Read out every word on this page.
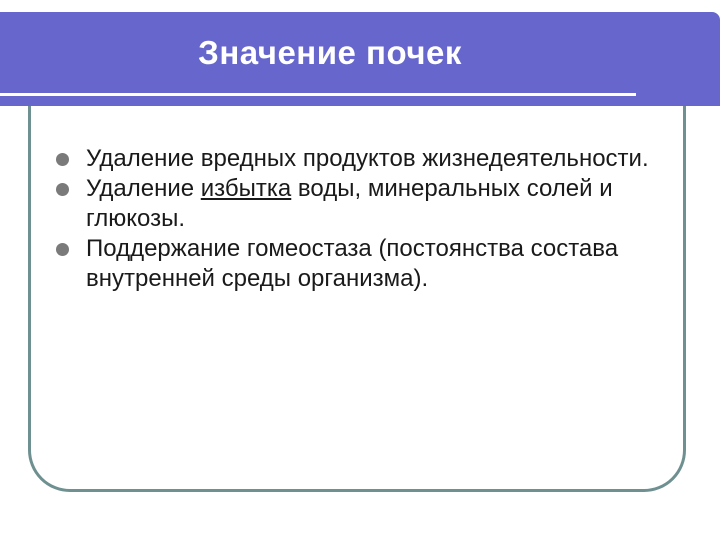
Значение почек

Удаление вредных продуктов жизнедеятельности.

Удаление избытка воды, минеральных солей и глюкозы.

Поддержание гомеостаза (постоянства состава внутренней среды организма).
